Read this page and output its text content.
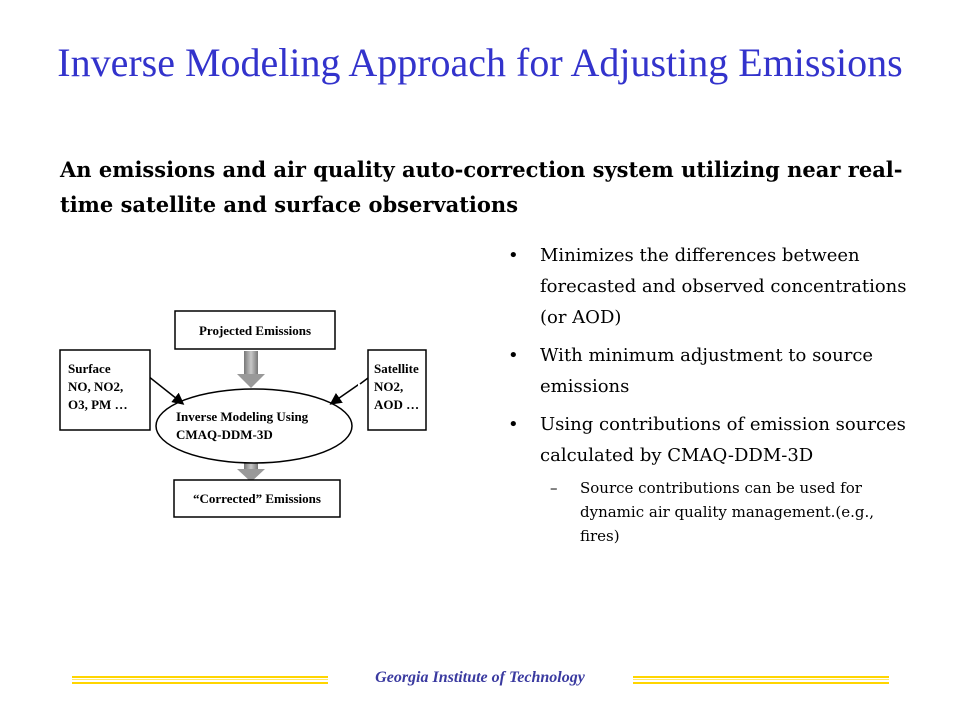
Inverse Modeling Approach for Adjusting Emissions

An emissions and air quality auto-correction system utilizing near real-time satellite and surface observations

Projected Emissions
“Corrected” Emissions
Surface
NO, NO2,
O3, PM …
Inverse Modeling Using
CMAQ-DDM-3D
Satellite
NO2,
AOD …
• Minimizes the differences between forecasted and observed concentrations (or AOD)
• With minimum adjustment to source emissions
• Using contributions of emission sources calculated by CMAQ-DDM-3D
– Source contributions can be used for dynamic air quality management.(e.g., fires)
Georgia Institute of Technology
